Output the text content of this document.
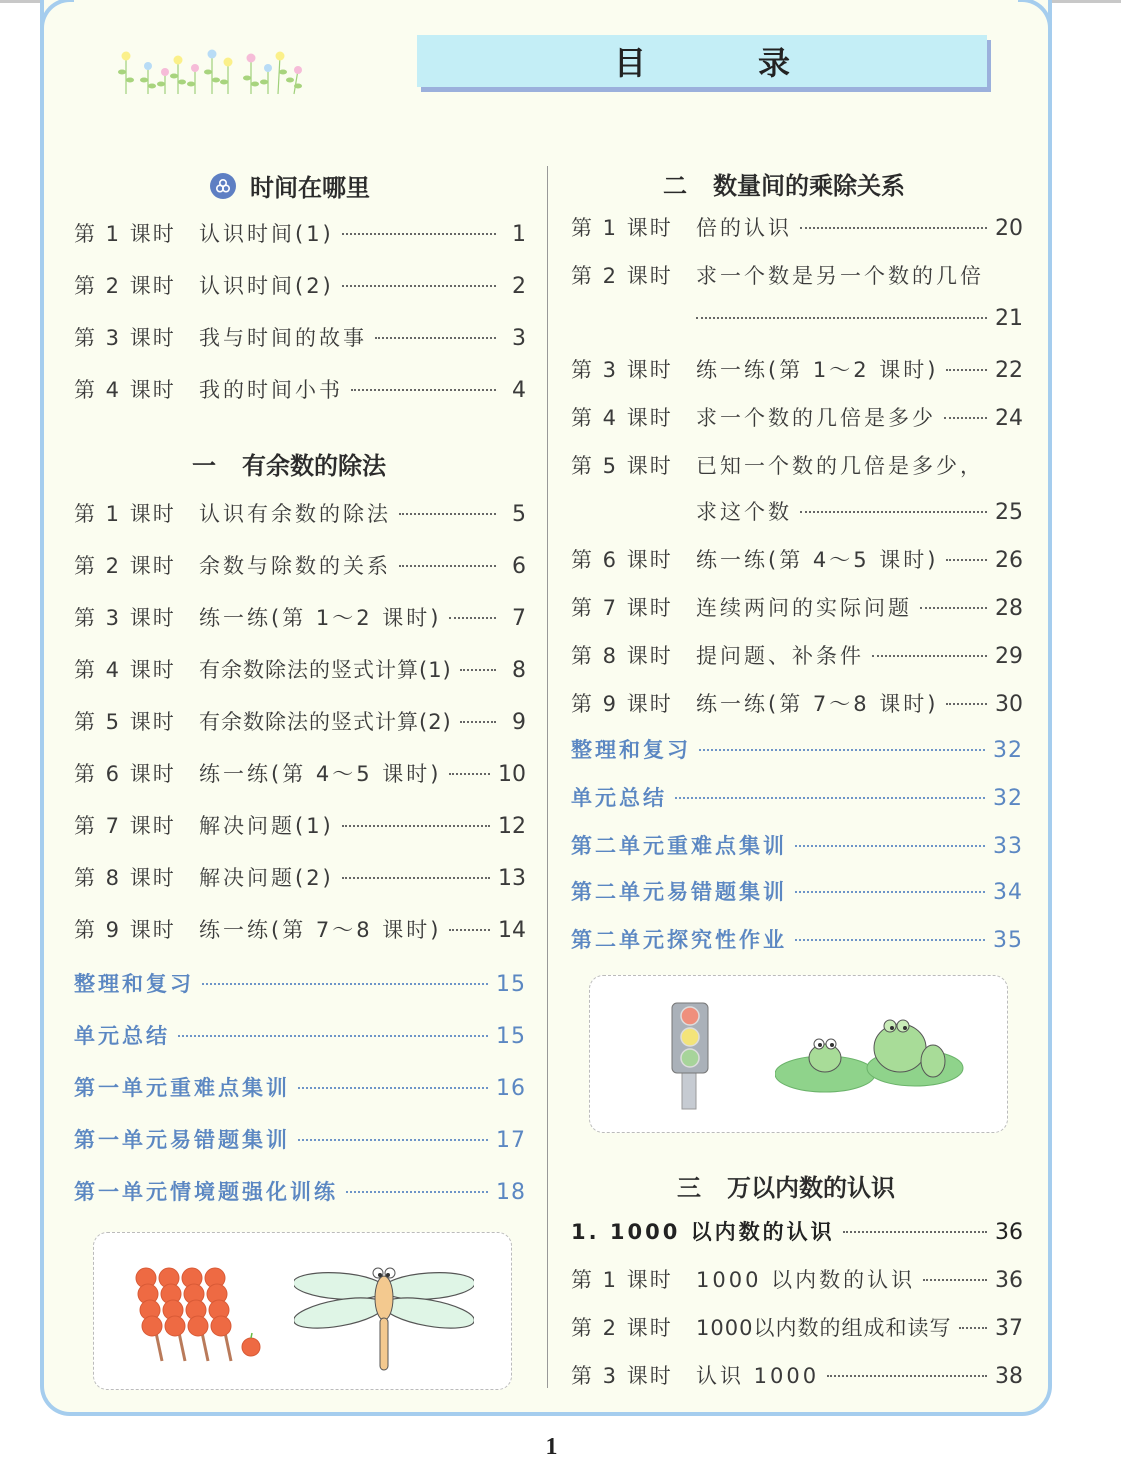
目　录
时间在哪里
第 1 课时	认识时间(1)	1
第 2 课时	认识时间(2)	2
第 3 课时	我与时间的故事	3
第 4 课时	我的时间小书	4
一 有余数的除法
第 1 课时	认识有余数的除法	5
第 2 课时	余数与除数的关系	6
第 3 课时	练一练(第 1～2 课时)	7
第 4 课时	有余数除法的竖式计算(1)	8
第 5 课时	有余数除法的竖式计算(2)	9
第 6 课时	练一练(第 4～5 课时)	10
第 7 课时	解决问题(1)	12
第 8 课时	解决问题(2)	13
第 9 课时	练一练(第 7～8 课时)	14
整理和复习	15
单元总结	15
第一单元重难点集训	16
第一单元易错题集训	17
第一单元情境题强化训练	18
二 数量间的乘除关系
第 1 课时	倍的认识	20
第 2 课时	求一个数是另一个数的几倍
21
第 3 课时	练一练(第 1～2 课时)	22
第 4 课时	求一个数的几倍是多少	24
第 5 课时	已知一个数的几倍是多少，
求这个数	25
第 6 课时	练一练(第 4～5 课时)	26
第 7 课时	连续两问的实际问题	28
第 8 课时	提问题、补条件	29
第 9 课时	练一练(第 7～8 课时)	30
整理和复习	32
单元总结	32
第二单元重难点集训	33
第二单元易错题集训	34
第二单元探究性作业	35
三 万以内数的认识
1. 1000 以内数的认识	36
第 1 课时	1000 以内数的认识	36
第 2 课时	1000以内数的组成和读写 37
第 3 课时	认识 1000	38
1
